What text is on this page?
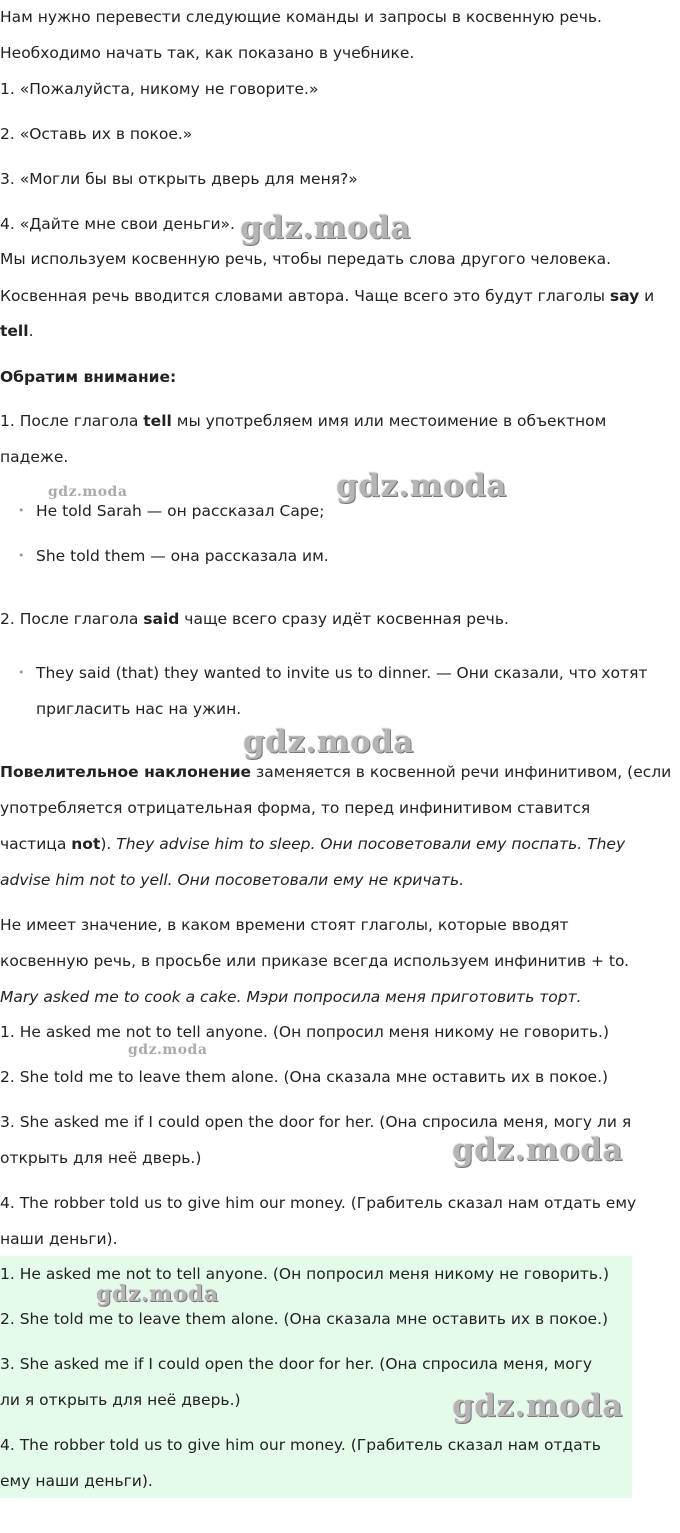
Нам нужно перевести следующие команды и запросы в косвенную речь.
Необходимо начать так, как показано в учебнике.
1. «Пожалуйста, никому не говорите.»
2. «Оставь их в покое.»
3. «Могли бы вы открыть дверь для меня?»
4. «Дайте мне свои деньги».
Мы используем косвенную речь, чтобы передать слова другого человека.
Косвенная речь вводится словами автора. Чаще всего это будут глаголы say и
tell.
Обратим внимание:
1. После глагола tell мы употребляем имя или местоимение в объектном
падеже.
• He told Sarah — он рассказал Саре;
• She told them — она рассказала им.
2. После глагола said чаще всего сразу идёт косвенная речь.
• They said (that) they wanted to invite us to dinner. — Они сказали, что хотят
пригласить нас на ужин.
Повелительное наклонение заменяется в косвенной речи инфинитивом, (если
употребляется отрицательная форма, то перед инфинитивом ставится
частица not). They advise him to sleep. Они посоветовали ему поспать. They
advise him not to yell. Они посоветовали ему не кричать.
Не имеет значение, в каком времени стоят глаголы, которые вводят
косвенную речь, в просьбе или приказе всегда используем инфинитив + to.
Mary asked me to cook a cake. Мэри попросила меня приготовить торт.
1. He asked me not to tell anyone. (Он попросил меня никому не говорить.)
2. She told me to leave them alone. (Она сказала мне оставить их в покое.)
3. She asked me if I could open the door for her. (Она спросила меня, могу ли я
открыть для неё дверь.)
4. The robber told us to give him our money. (Грабитель сказал нам отдать ему
наши деньги).
1. He asked me not to tell anyone. (Он попросил меня никому не говорить.)
2. She told me to leave them alone. (Она сказала мне оставить их в покое.)
3. She asked me if I could open the door for her. (Она спросила меня, могу
ли я открыть для неё дверь.)
4. The robber told us to give him our money. (Грабитель сказал нам отдать
ему наши деньги).
gdz.moda
gdz.moda	gdz.moda
gdz.moda
gdz.moda
gdz.moda
gdz.moda
gdz.moda
